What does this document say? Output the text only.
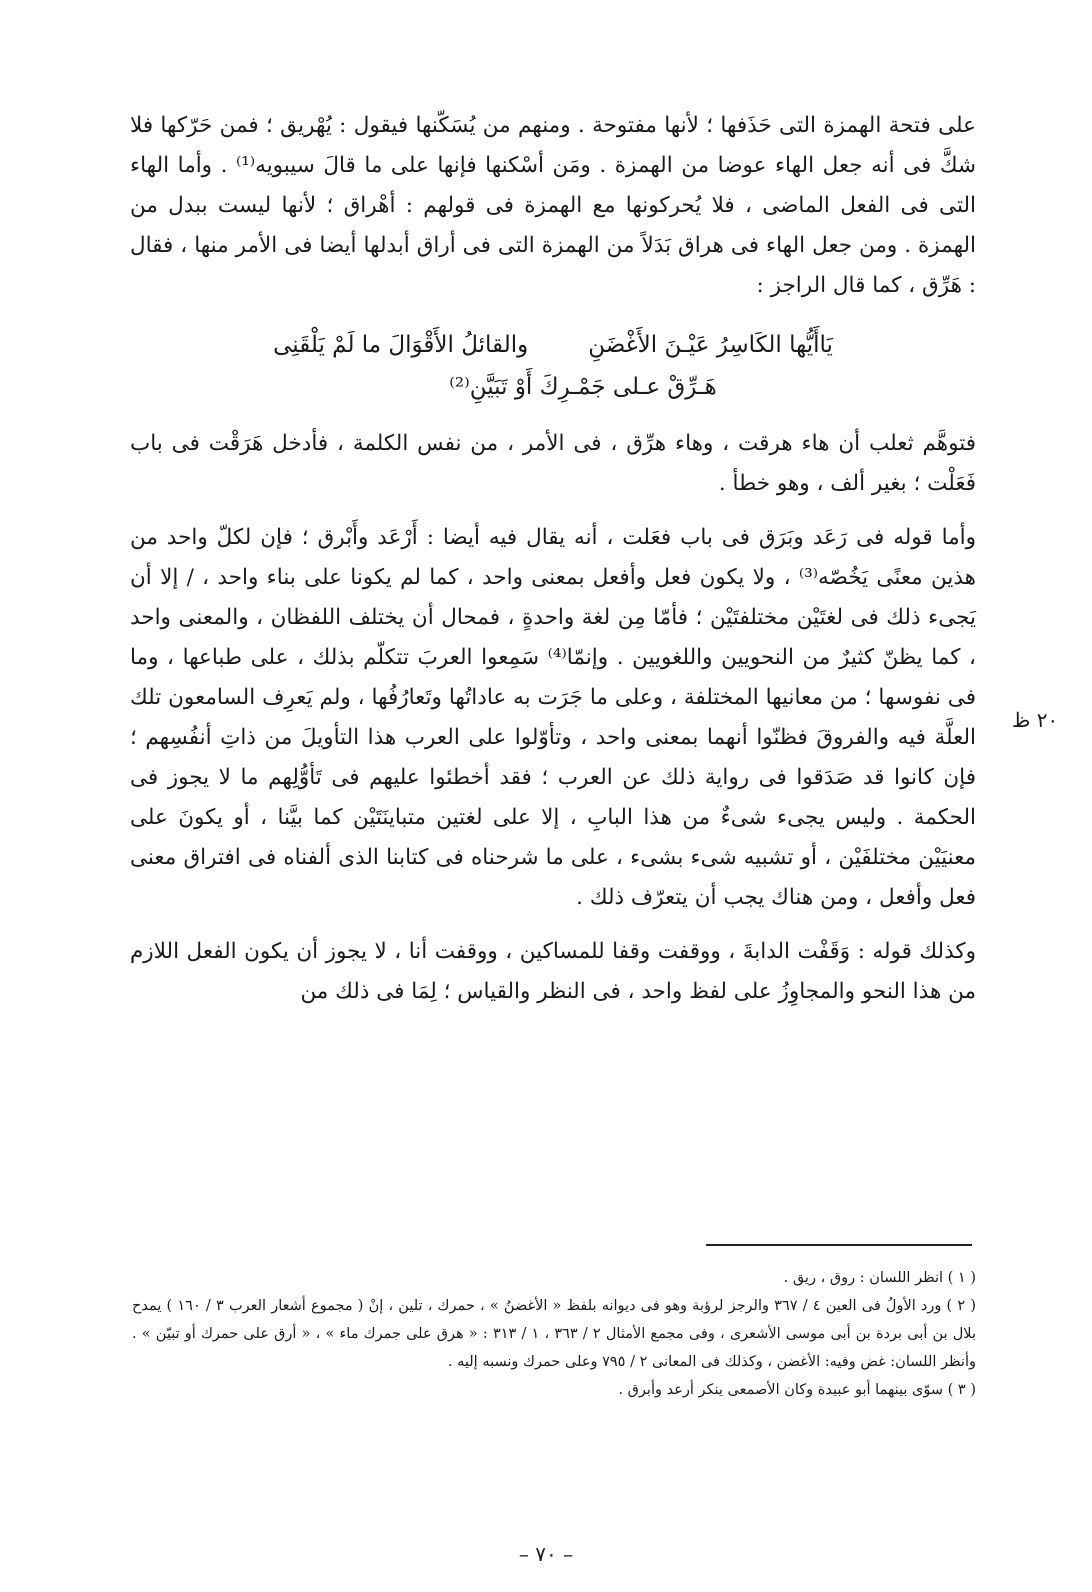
على فتحة الهمزة التى حَذَفها ؛ لأنها مفتوحة . ومنهم من يُسَكّنها فيقول : يُهْريق ؛ فمن حَرّكها فلا شكَّ فى أنه جعل الهاء عوضا من الهمزة . ومَن أسْكنها فإنها على ما قالَ سيبويه⁽¹⁾ . وأما الهاء التى فى الفعل الماضى ، فلا يُحركونها مع الهمزة فى قولهم : أهْراق ؛ لأنها ليست ببدل من الهمزة . ومن جعل الهاء فى هراق بَدَلاً من الهمزة التى فى أراق أبدلها أيضا فى الأمر منها ، فقال : هَرِّق ، كما قال الراجز :

يَاأَيُّها الكَاسِرُ عَيْـنَ الأَغْضَنِ
والقائلُ الأَقْوَالَ ما لَمْ يَلْقَنِى
هَـرِّقْ عـلى جَمْـرِكَ أَوْ تَبَيَّنِ⁽²⁾

فتوهَّم ثعلب أن هاء هرقت ، وهاء هرِّق ، فى الأمر ، من نفس الكلمة ، فأدخل هَرَقْت فى باب فَعَلْت ؛ بغير ألف ، وهو خطأ .

وأما قوله فى رَعَد وبَرَق فى باب فعَلت ، أنه يقال فيه أيضا : أَرْعَد وأَبْرق ؛ فإن لكلّ واحد من هذين معنًى يَخُصّه⁽³⁾ ، ولا يكون فعل وأفعل بمعنى واحد ، كما لم يكونا على بناء واحد ، / إلا أن يَجىء ذلك فى لغتَيْن مختلفتَيْن ؛ فأمّا مِن لغة واحدةٍ ، فمحال أن يختلف اللفظان ، والمعنى واحد ، كما يظنّ كثيرٌ من النحويين واللغويين . وإنمّا⁽⁴⁾ سَمِعوا العربَ تتكلّم بذلك ، على طباعها ، وما فى نفوسها ؛ من معانيها المختلفة ، وعلى ما جَرَت به عاداتُها وتَعارُفُها ، ولم يَعرِف السامعون تلك العلَّة فيه والفروقَ فظنّوا أنهما بمعنى واحد ، وتأوّلوا على العرب هذا التأويلَ من ذاتِ أنفُسِهم ؛ فإن كانوا قد صَدَقوا فى رواية ذلك عن العرب ؛ فقد أخطئوا عليهم فى تَأوُّلِهم ما لا يجوز فى الحكمة . وليس يجىء شىءٌ من هذا البابِ ، إلا على لغتين متباينَتَيْن كما بيَّنا ، أو يكونَ على معنيَيْن مختلفَيْن ، أو تشبيه شىء بشىء ، على ما شرحناه فى كتابنا الذى ألفناه فى افتراق معنى فعل وأفعل ، ومن هناك يجب أن يتعرّف ذلك .

وكذلك قوله : وَقَفْت الدابةَ ، ووقفت وقفا للمساكين ، ووقفت أنا ، لا يجوز أن يكون الفعل اللازم من هذا النحو والمجاوِزُ على لفظ واحد ، فى النظر والقياس ؛ لِمَا فى ذلك من

٢٠ ظ

( ١ ) انظر اللسان : روق ، ريق .

( ٢ ) ورد الأولُ فى العين ٤ / ٣٦٧ والرجز لرؤبة وهو فى ديوانه بلفظ « الأغضنُ » ، حمرك ، تلين ، إنْ ( مجموع أشعار العرب ٣ / ١٦٠ ) يمدح بلال بن أبى بردة بن أبى موسى الأشعرى ، وفى مجمع الأمثال ٢ / ٣٦٣ ، ١ / ٣١٣ : « هرق على جمرك ماء » ، « أرق على حمرك أو تبيّن » . وأنظر اللسان: غض وفيه: الأغضن ، وكذلك فى المعانى ٢ / ٧٩٥ وعلى حمرك ونسبه إليه .

( ٣ ) سوّى بينهما أبو عبيدة وكان الأصمعى ينكر أرعد وأبرق .

– ٧٠ –
